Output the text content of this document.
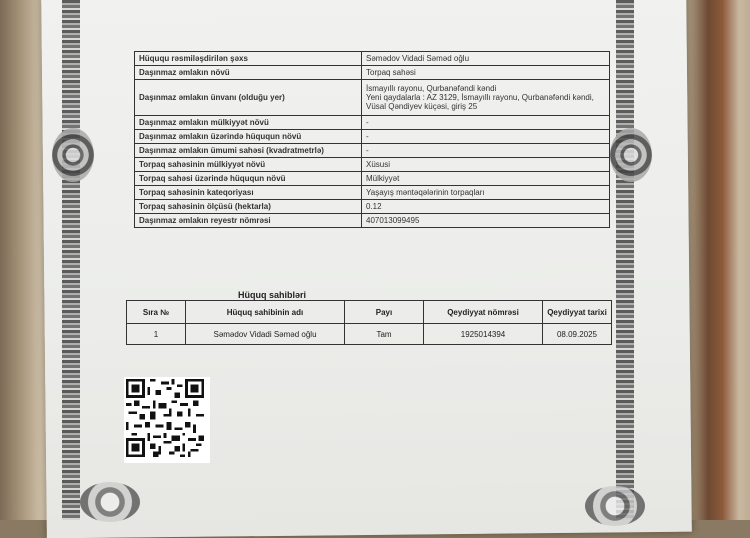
Hüququ rəsmiləşdirilən şəxs	Səmədov Vidadi Səməd oğlu
Daşınmaz əmlakın növü	Torpaq sahəsi
Daşınmaz əmlakın ünvanı (olduğu yer)	İsmayıllı rayonu, Qurbanəfəndi kəndi
Yeni qaydalarla : AZ 3129, İsmayıllı rayonu, Qurbanəfəndi kəndi, Vüsal Qəndiyev küçəsi, giriş 25
Daşınmaz əmlakın mülkiyyət növü	-
Daşınmaz əmlakın üzərində hüququn növü	-
Daşınmaz əmlakın ümumi sahəsi (kvadratmetrlə)	-
Torpaq sahəsinin mülkiyyət növü	Xüsusi
Torpaq sahəsi üzərində hüququn növü	Mülkiyyət
Torpaq sahəsinin kateqoriyası	Yaşayış məntəqələrinin torpaqları
Torpaq sahəsinin ölçüsü (hektarla)	0.12
Daşınmaz əmlakın reyestr nömrəsi	407013099495
Hüquq sahibləri
Sıra №	Hüquq sahibinin adı	Payı	Qeydiyyat nömrəsi	Qeydiyyat tarixi
1	Səmədov Vidadi Səməd oğlu	Tam	1925014394	08.09.2025
